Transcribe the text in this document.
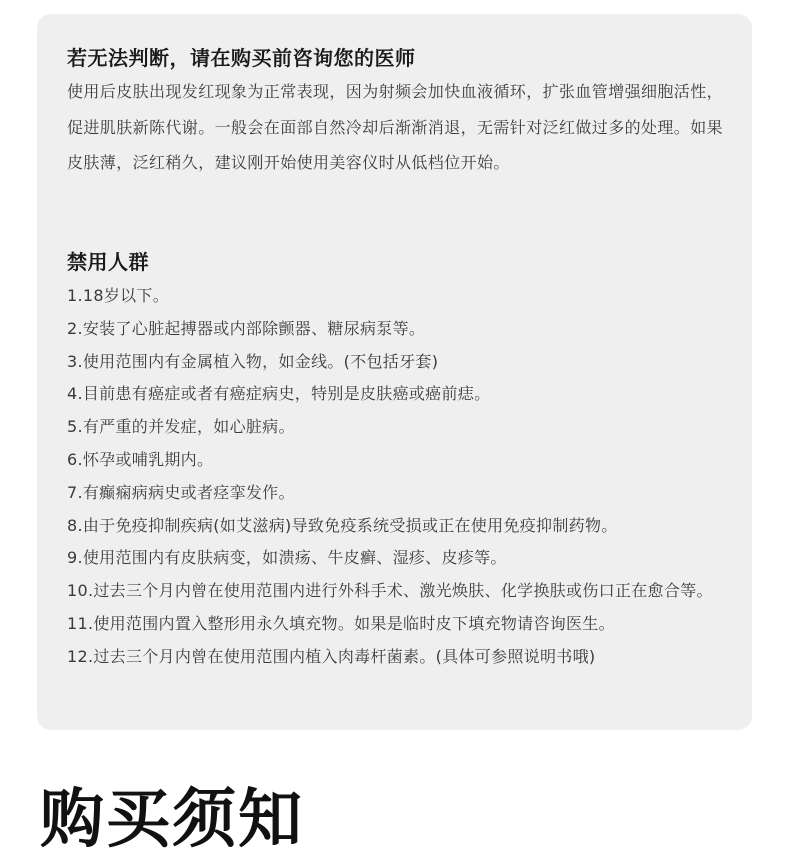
若无法判断，请在购买前咨询您的医师

使用后皮肤出现发红现象为正常表现，因为射频会加快血液循环，扩张血管增强细胞活性，促进肌肤新陈代谢。一般会在面部自然冷却后渐渐消退，无需针对泛红做过多的处理。如果皮肤薄，泛红稍久，建议刚开始使用美容仪时从低档位开始。

禁用人群
1.18岁以下。
2.安装了心脏起搏器或内部除颤器、糖尿病泵等。
3.使用范围内有金属植入物，如金线。(不包括牙套)
4.目前患有癌症或者有癌症病史，特别是皮肤癌或癌前痣。
5.有严重的并发症，如心脏病。
6.怀孕或哺乳期内。
7.有癫痫病病史或者痉挛发作。
8.由于免疫抑制疾病(如艾滋病)导致免疫系统受损或正在使用免疫抑制药物。
9.使用范围内有皮肤病变，如溃疡、牛皮癣、湿疹、皮疹等。
10.过去三个月内曾在使用范围内进行外科手术、激光焕肤、化学换肤或伤口正在愈合等。
11.使用范围内置入整形用永久填充物。如果是临时皮下填充物请咨询医生。
12.过去三个月内曾在使用范围内植入肉毒杆菌素。(具体可参照说明书哦)
购买须知
